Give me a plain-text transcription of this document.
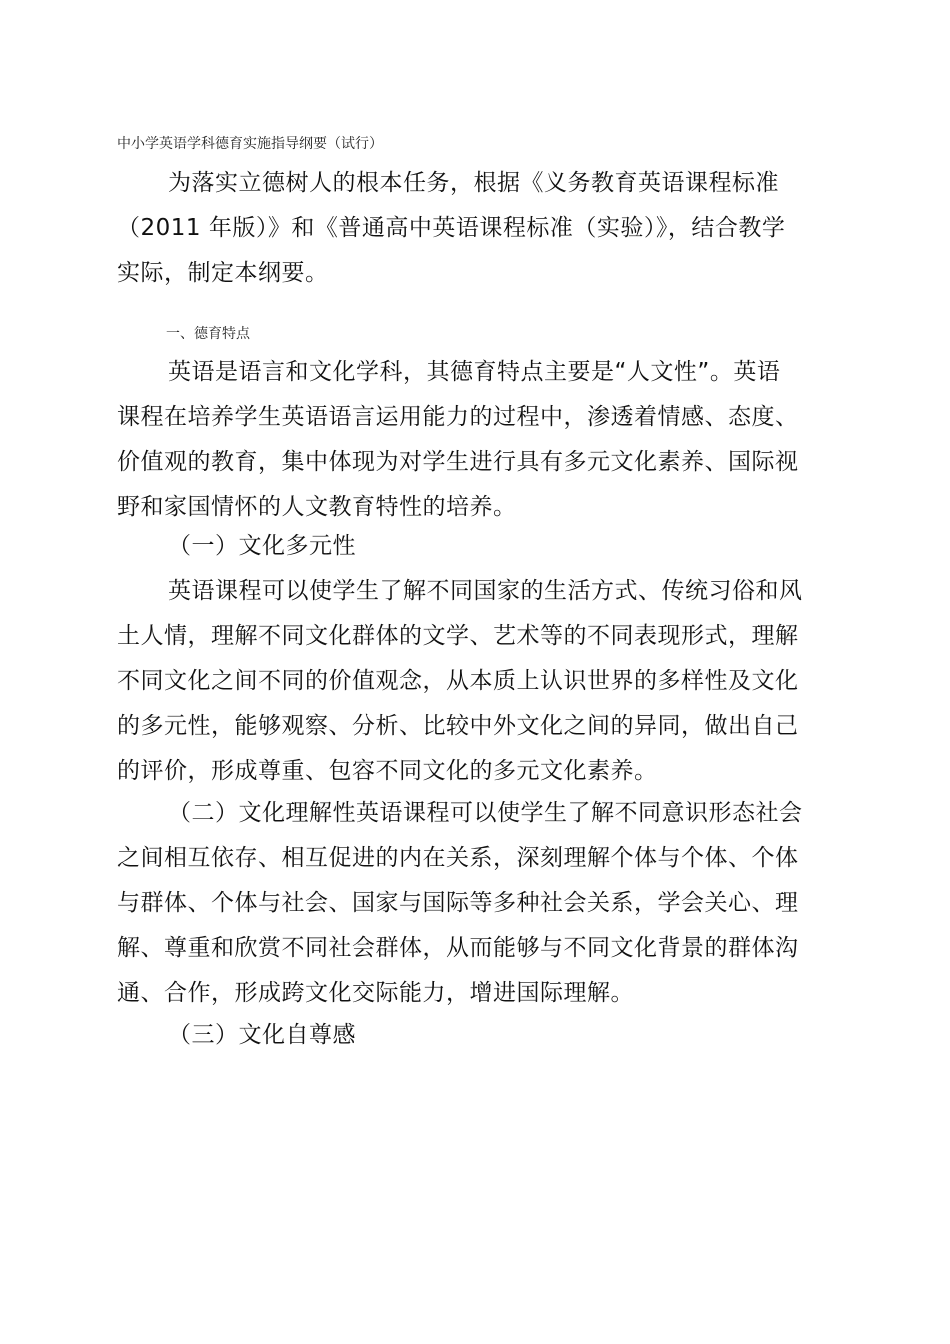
中小学英语学科德育实施指导纲要（试行）
为落实立德树人的根本任务，根据《义务教育英语课程标准
（2011 年版）》和《普通高中英语课程标准（实验）》，结合教学
实际，制定本纲要。
一、德育特点
英语是语言和文化学科，其德育特点主要是“人文性”。英语
课程在培养学生英语语言运用能力的过程中，渗透着情感、态度、
价值观的教育，集中体现为对学生进行具有多元文化素养、国际视
野和家国情怀的人文教育特性的培养。
（一）文化多元性
英语课程可以使学生了解不同国家的生活方式、传统习俗和风
土人情，理解不同文化群体的文学、艺术等的不同表现形式，理解
不同文化之间不同的价值观念，从本质上认识世界的多样性及文化
的多元性，能够观察、分析、比较中外文化之间的异同，做出自己
的评价，形成尊重、包容不同文化的多元文化素养。
（二）文化理解性英语课程可以使学生了解不同意识形态社会
之间相互依存、相互促进的内在关系，深刻理解个体与个体、个体
与群体、个体与社会、国家与国际等多种社会关系，学会关心、理
解、尊重和欣赏不同社会群体，从而能够与不同文化背景的群体沟
通、合作，形成跨文化交际能力，增进国际理解。
（三）文化自尊感
